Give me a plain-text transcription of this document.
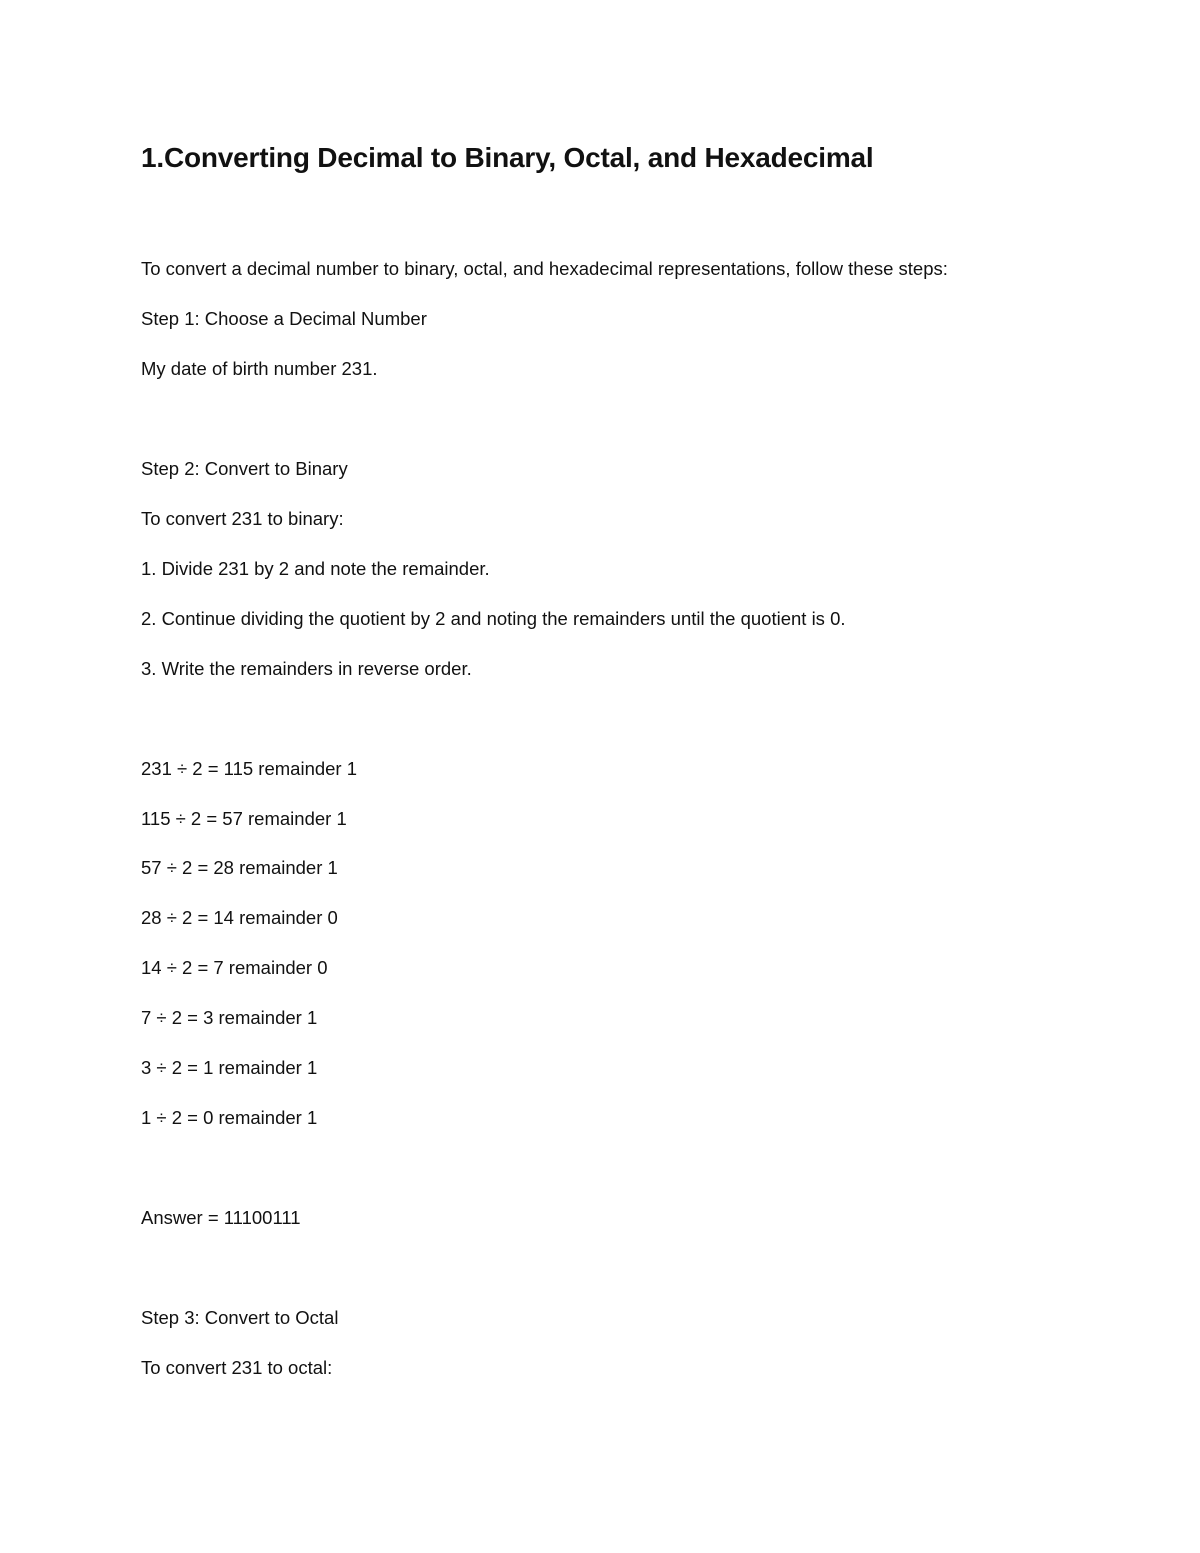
1.Converting Decimal to Binary, Octal, and Hexadecimal
To convert a decimal number to binary, octal, and hexadecimal representations, follow these steps:
Step 1: Choose a Decimal Number
My date of birth number 231.
Step 2: Convert to Binary
To convert 231 to binary:
1. Divide 231 by 2 and note the remainder.
2. Continue dividing the quotient by 2 and noting the remainders until the quotient is 0.
3. Write the remainders in reverse order.
231 ÷ 2 = 115 remainder 1
115 ÷ 2 = 57 remainder 1
57 ÷ 2 = 28 remainder 1
28 ÷ 2 = 14 remainder 0
14 ÷ 2 = 7 remainder 0
7 ÷ 2 = 3 remainder 1
3 ÷ 2 = 1 remainder 1
1 ÷ 2 = 0 remainder 1
Answer = 11100111
Step 3: Convert to Octal
To convert 231 to octal:
